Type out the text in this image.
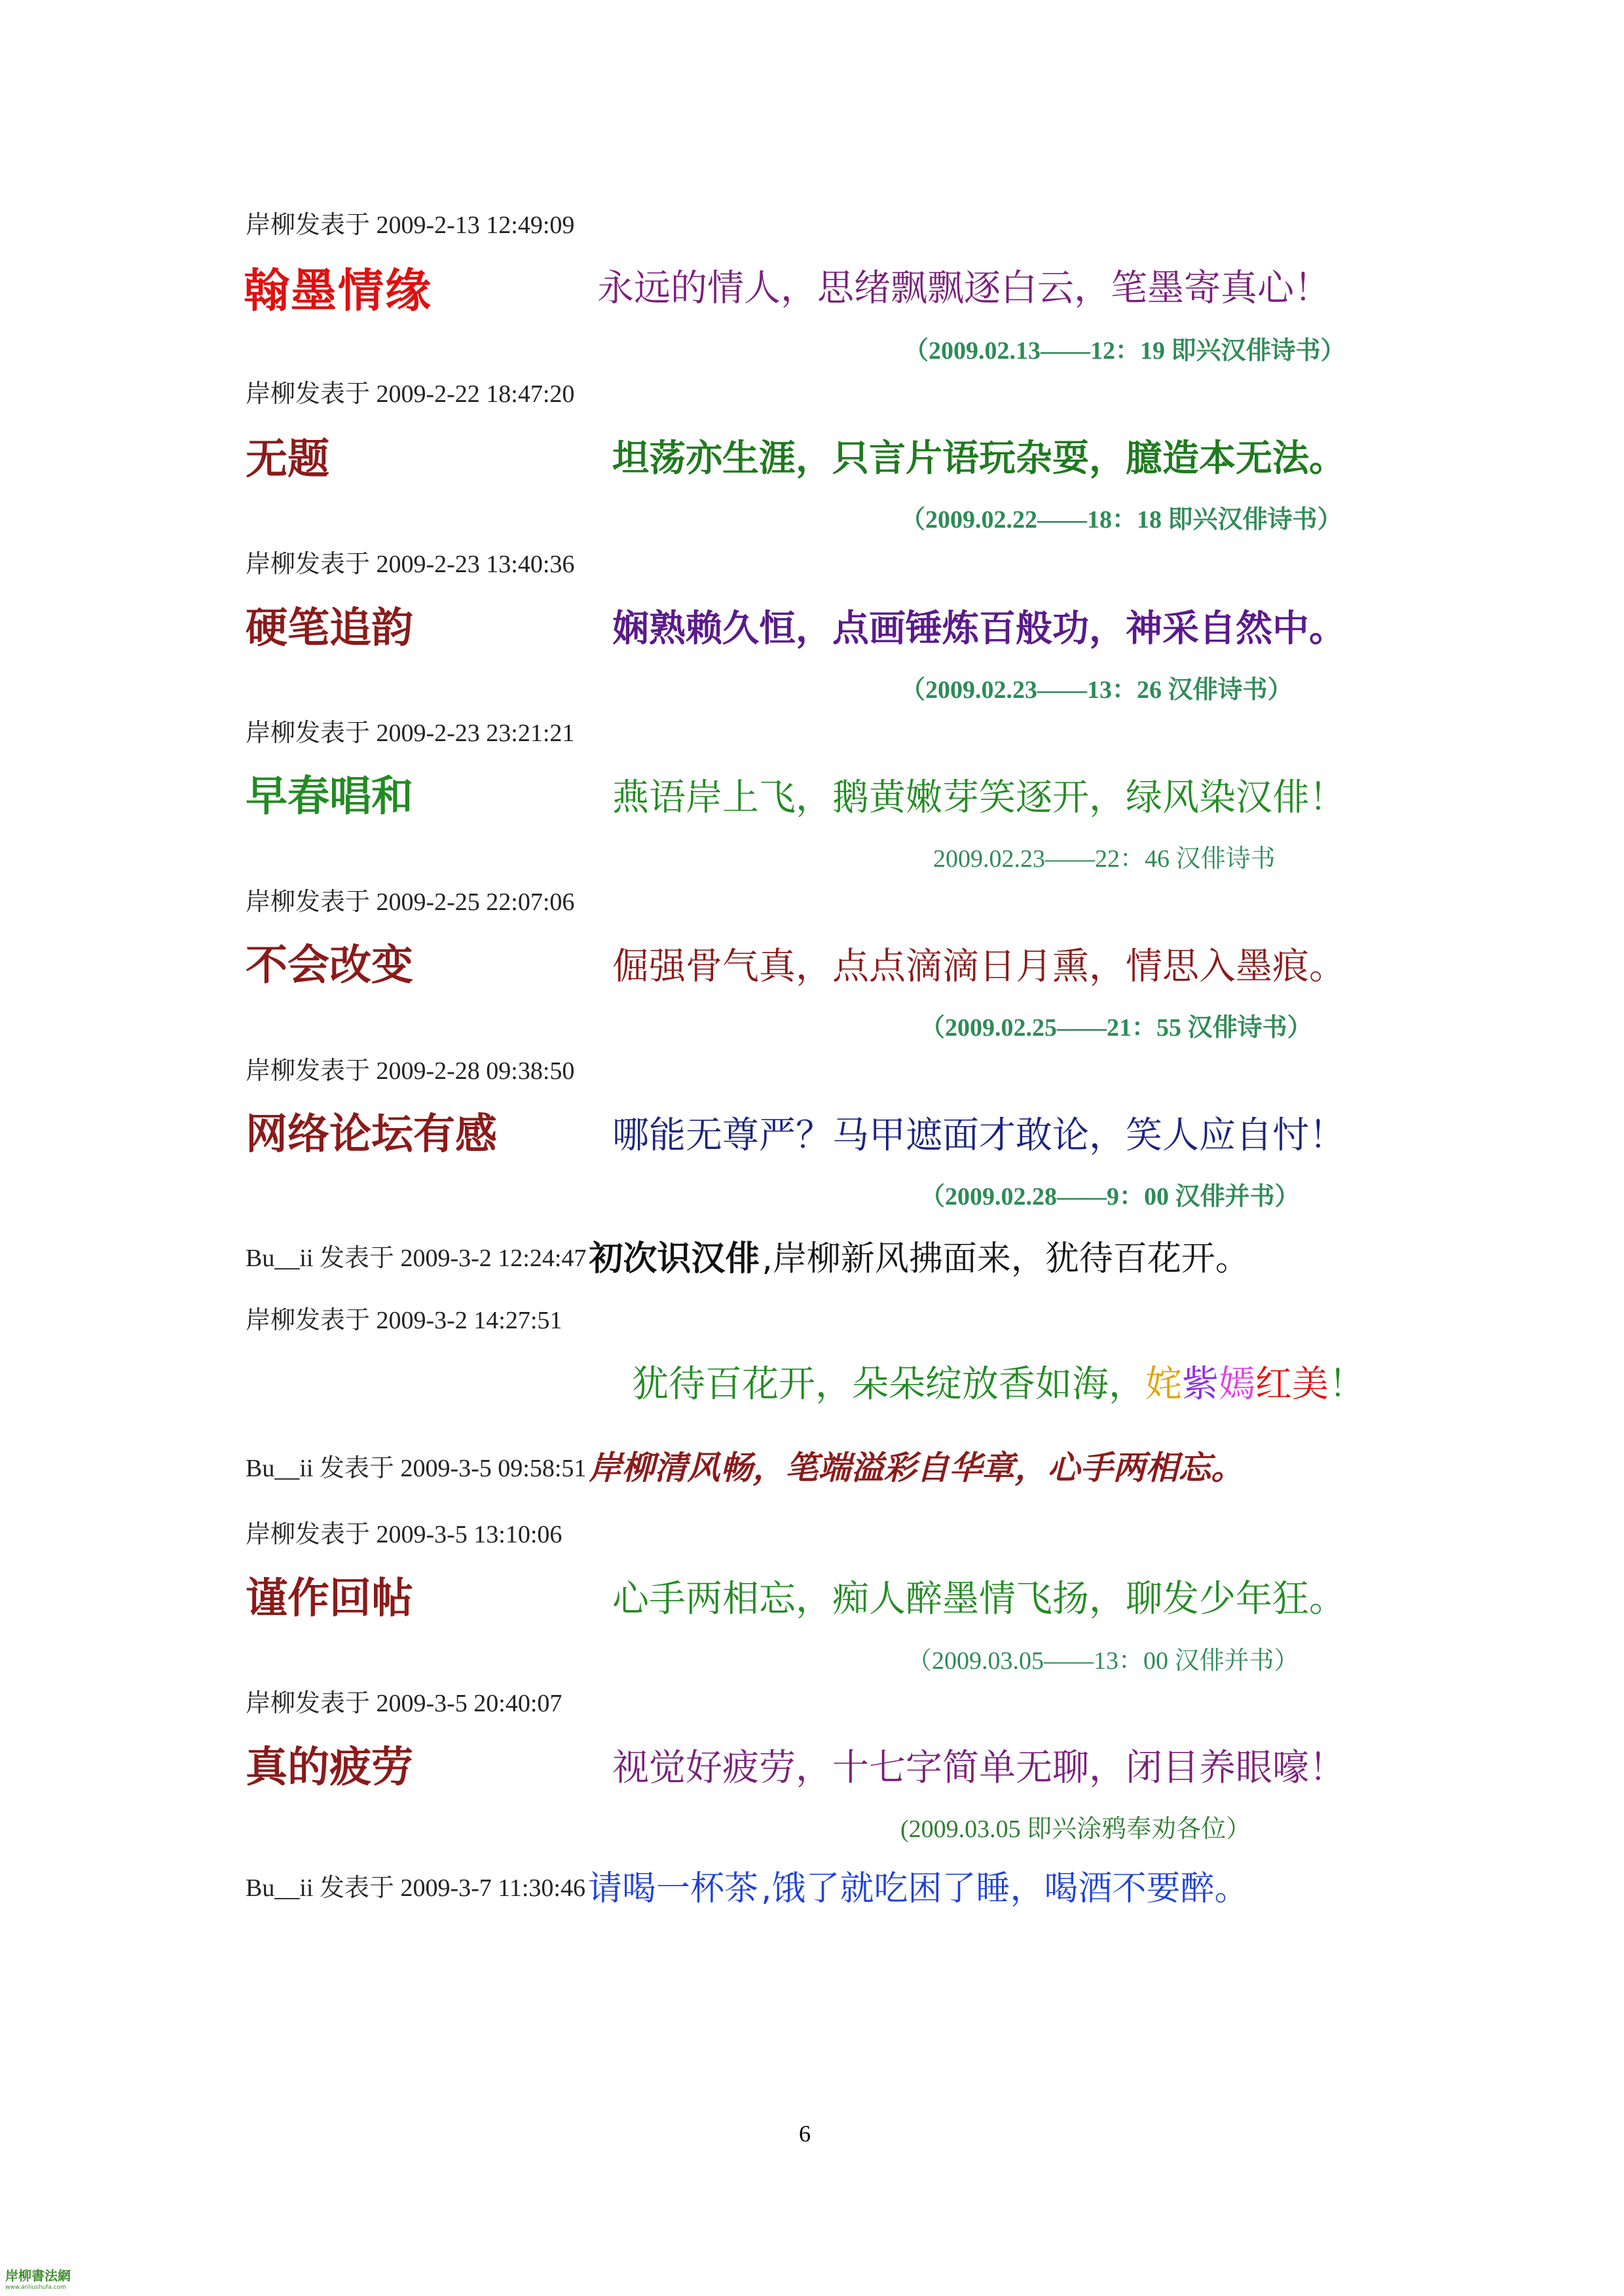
岸柳发表于 2009-2-13 12:49:09
翰墨情缘	永远的情人，思绪飘飘逐白云，笔墨寄真心！
（2009.02.13——12：19 即兴汉俳诗书）
岸柳发表于 2009-2-22 18:47:20
无题	坦荡亦生涯，只言片语玩杂耍，臆造本无法。
（2009.02.22——18：18 即兴汉俳诗书）
岸柳发表于 2009-2-23 13:40:36
硬笔追韵	娴熟赖久恒，点画锤炼百般功，神采自然中。
（2009.02.23——13：26 汉俳诗书）
岸柳发表于 2009-2-23 23:21:21
早春唱和	燕语岸上飞，鹅黄嫩芽笑逐开，绿风染汉俳！
2009.02.23——22：46 汉俳诗书
岸柳发表于 2009-2-25 22:07:06
不会改变	倔强骨气真，点点滴滴日月熏，情思入墨痕。
（2009.02.25——21：55 汉俳诗书）
岸柳发表于 2009-2-28 09:38:50
网络论坛有感	哪能无尊严？马甲遮面才敢论，笑人应自忖！
（2009.02.28——9：00 汉俳并书）
Bu__ii 发表于 2009-3-2 12:24:47 初次识汉俳 ,岸柳新风拂面来，犹待百花开。
岸柳发表于 2009-3-2 14:27:51
犹待百花开，朵朵绽放香如海，姹紫嫣红美！
Bu__ii 发表于 2009-3-5 09:58:51 岸柳清风畅，笔端溢彩自华章，心手两相忘。
岸柳发表于 2009-3-5 13:10:06
谨作回帖	心手两相忘，痴人醉墨情飞扬，聊发少年狂。
（2009.03.05——13：00 汉俳并书）
岸柳发表于 2009-3-5 20:40:07
真的疲劳	视觉好疲劳，十七字简单无聊，闭目养眼嚎！
(2009.03.05 即兴涂鸦奉劝各位）
Bu__ii 发表于 2009-3-7 11:30:46 请喝一杯茶 ,饿了就吃困了睡，喝酒不要醉。
6
岸柳書法網
www.anliushufa.com
